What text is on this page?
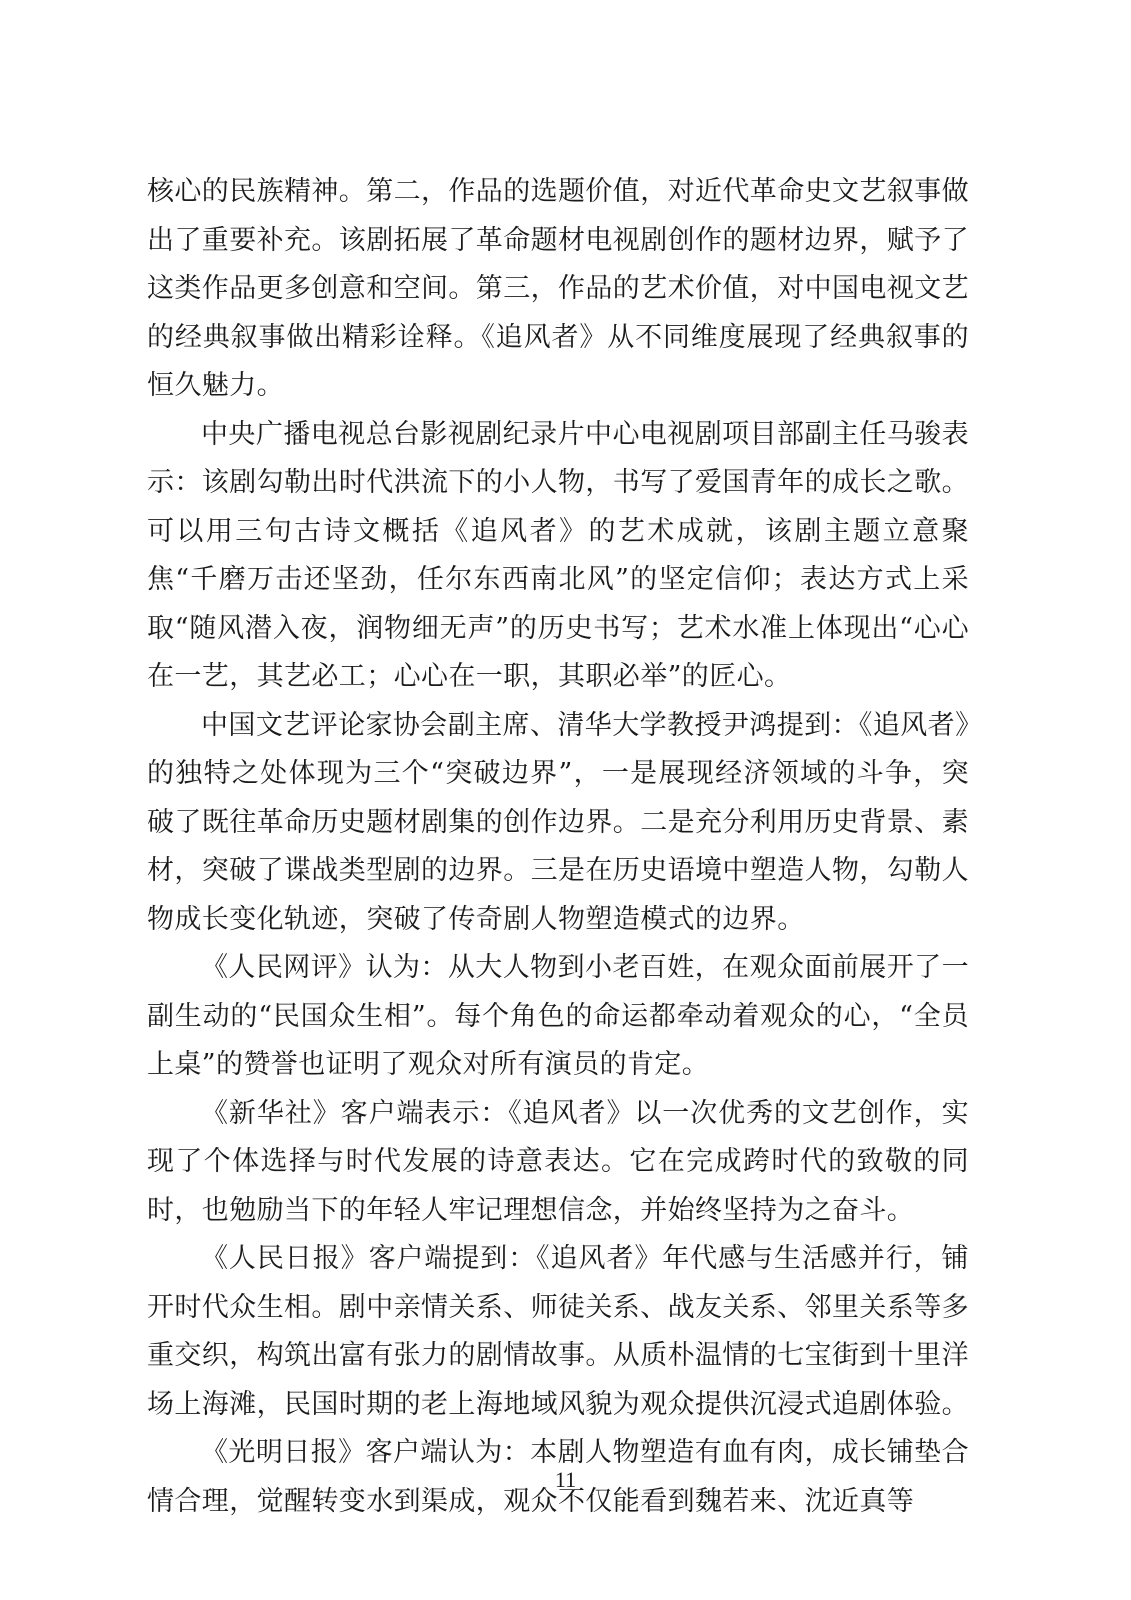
核心的民族精神。第二，作品的选题价值，对近代革命史文艺叙事做出了重要补充。该剧拓展了革命题材电视剧创作的题材边界，赋予了这类作品更多创意和空间。第三，作品的艺术价值，对中国电视文艺的经典叙事做出精彩诠释。《追风者》从不同维度展现了经典叙事的恒久魅力。

中央广播电视总台影视剧纪录片中心电视剧项目部副主任马骏表示：该剧勾勒出时代洪流下的小人物，书写了爱国青年的成长之歌。可以用三句古诗文概括《追风者》的艺术成就，该剧主题立意聚焦“千磨万击还坚劲，任尔东西南北风”的坚定信仰；表达方式上采取“随风潜入夜，润物细无声”的历史书写；艺术水准上体现出“心心在一艺，其艺必工；心心在一职，其职必举”的匠心。

中国文艺评论家协会副主席、清华大学教授尹鸿提到：《追风者》的独特之处体现为三个“突破边界”，一是展现经济领域的斗争，突破了既往革命历史题材剧集的创作边界。二是充分利用历史背景、素材，突破了谍战类型剧的边界。三是在历史语境中塑造人物，勾勒人物成长变化轨迹，突破了传奇剧人物塑造模式的边界。

《人民网评》认为：从大人物到小老百姓，在观众面前展开了一副生动的“民国众生相”。每个角色的命运都牵动着观众的心，“全员上桌”的赞誉也证明了观众对所有演员的肯定。

《新华社》客户端表示：《追风者》以一次优秀的文艺创作，实现了个体选择与时代发展的诗意表达。它在完成跨时代的致敬的同时，也勉励当下的年轻人牢记理想信念，并始终坚持为之奋斗。

《人民日报》客户端提到：《追风者》年代感与生活感并行，铺开时代众生相。剧中亲情关系、师徒关系、战友关系、邻里关系等多重交织，构筑出富有张力的剧情故事。从质朴温情的七宝街到十里洋场上海滩，民国时期的老上海地域风貌为观众提供沉浸式追剧体验。

《光明日报》客户端认为：本剧人物塑造有血有肉，成长铺垫合情合理，觉醒转变水到渠成，观众不仅能看到魏若来、沈近真等

11
